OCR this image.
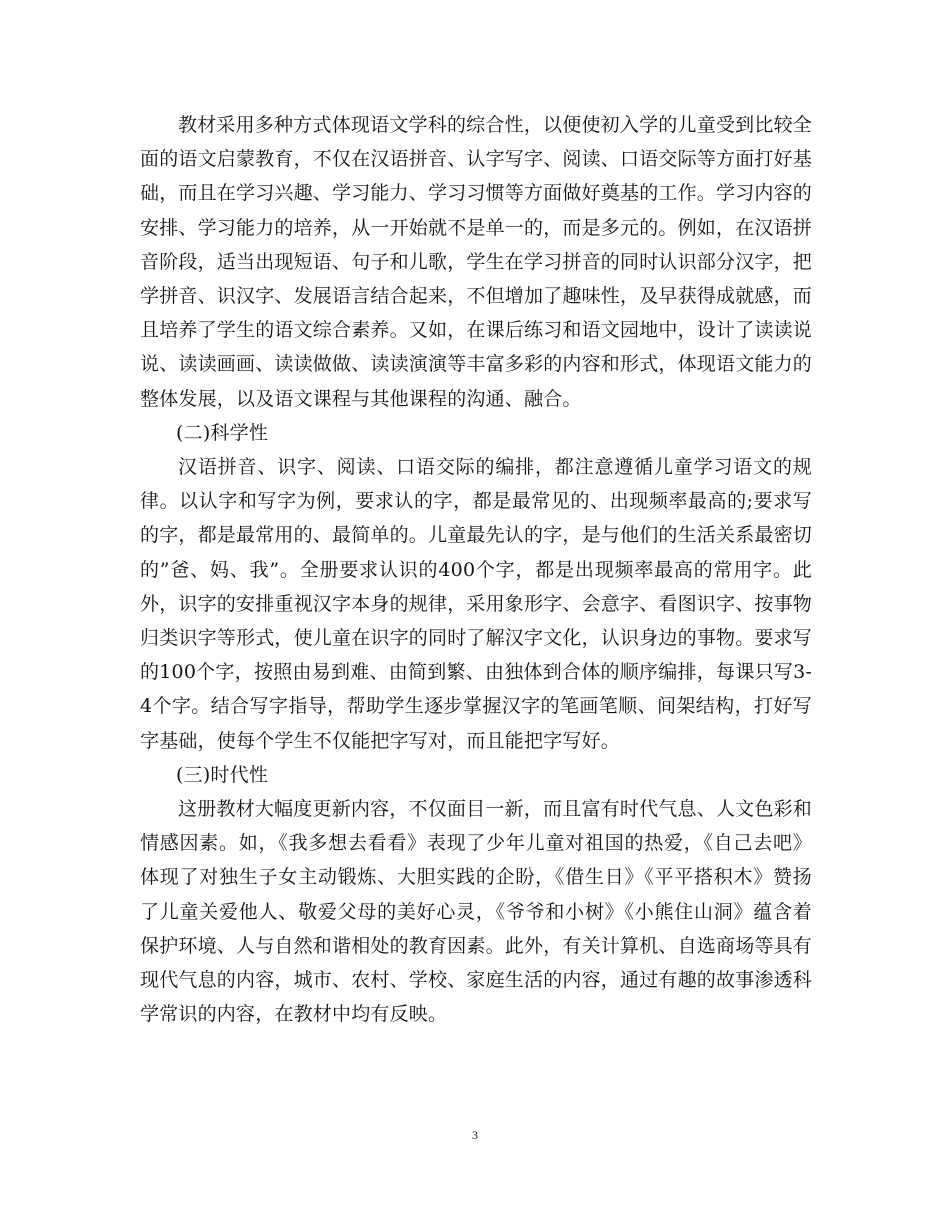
教材采用多种方式体现语文学科的综合性，以便使初入学的儿童受到比较全面的语文启蒙教育，不仅在汉语拼音、认字写字、阅读、口语交际等方面打好基础，而且在学习兴趣、学习能力、学习习惯等方面做好奠基的工作。学习内容的安排、学习能力的培养，从一开始就不是单一的，而是多元的。例如，在汉语拼音阶段，适当出现短语、句子和儿歌，学生在学习拼音的同时认识部分汉字，把学拼音、识汉字、发展语言结合起来，不但增加了趣味性，及早获得成就感，而且培养了学生的语文综合素养。又如，在课后练习和语文园地中，设计了读读说说、读读画画、读读做做、读读演演等丰富多彩的内容和形式，体现语文能力的整体发展，以及语文课程与其他课程的沟通、融合。

(二)科学性

汉语拼音、识字、阅读、口语交际的编排，都注意遵循儿童学习语文的规律。以认字和写字为例，要求认的字，都是最常见的、出现频率最高的;要求写的字，都是最常用的、最简单的。儿童最先认的字，是与他们的生活关系最密切的”爸、妈、我”。全册要求认识的400个字，都是出现频率最高的常用字。此外，识字的安排重视汉字本身的规律，采用象形字、会意字、看图识字、按事物归类识字等形式，使儿童在识字的同时了解汉字文化，认识身边的事物。要求写的100个字，按照由易到难、由简到繁、由独体到合体的顺序编排，每课只写3-4个字。结合写字指导，帮助学生逐步掌握汉字的笔画笔顺、间架结构，打好写字基础，使每个学生不仅能把字写对，而且能把字写好。

(三)时代性

这册教材大幅度更新内容，不仅面目一新，而且富有时代气息、人文色彩和情感因素。如，《我多想去看看》表现了少年儿童对祖国的热爱，《自己去吧》体现了对独生子女主动锻炼、大胆实践的企盼，《借生日》《平平搭积木》赞扬了儿童关爱他人、敬爱父母的美好心灵，《爷爷和小树》《小熊住山洞》蕴含着保护环境、人与自然和谐相处的教育因素。此外，有关计算机、自选商场等具有现代气息的内容，城市、农村、学校、家庭生活的内容，通过有趣的故事渗透科学常识的内容，在教材中均有反映。

3
